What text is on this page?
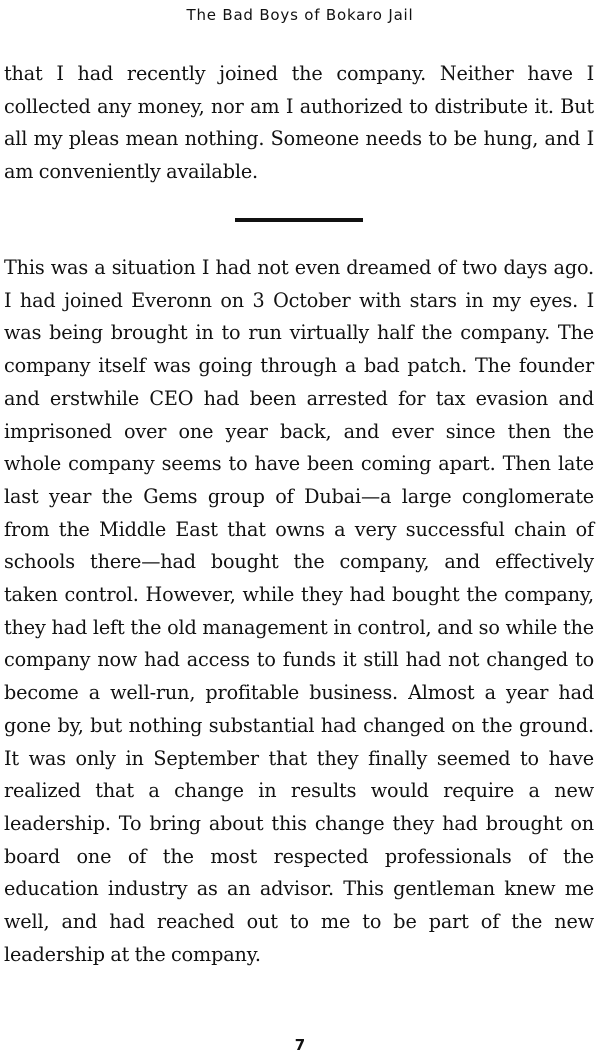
The Bad Boys of Bokaro Jail

that I had recently joined the company. Neither have I collected any money, nor am I authorized to distribute it. But all my pleas mean nothing. Someone needs to be hung, and I am conveniently available.

This was a situation I had not even dreamed of two days ago. I had joined Everonn on 3 October with stars in my eyes. I was being brought in to run virtually half the company. The company itself was going through a bad patch. The founder and erstwhile CEO had been arrested for tax evasion and imprisoned over one year back, and ever since then the whole company seems to have been coming apart. Then late last year the Gems group of Dubai—a large conglomerate from the Middle East that owns a very successful chain of schools there—had bought the company, and effectively taken control. However, while they had bought the company, they had left the old management in control, and so while the company now had access to funds it still had not changed to become a well-run, profitable business. Almost a year had gone by, but nothing substantial had changed on the ground. It was only in September that they finally seemed to have realized that a change in results would require a new leadership. To bring about this change they had brought on board one of the most respected professionals of the education industry as an advisor. This gentleman knew me well, and had reached out to me to be part of the new leadership at the company.

7
